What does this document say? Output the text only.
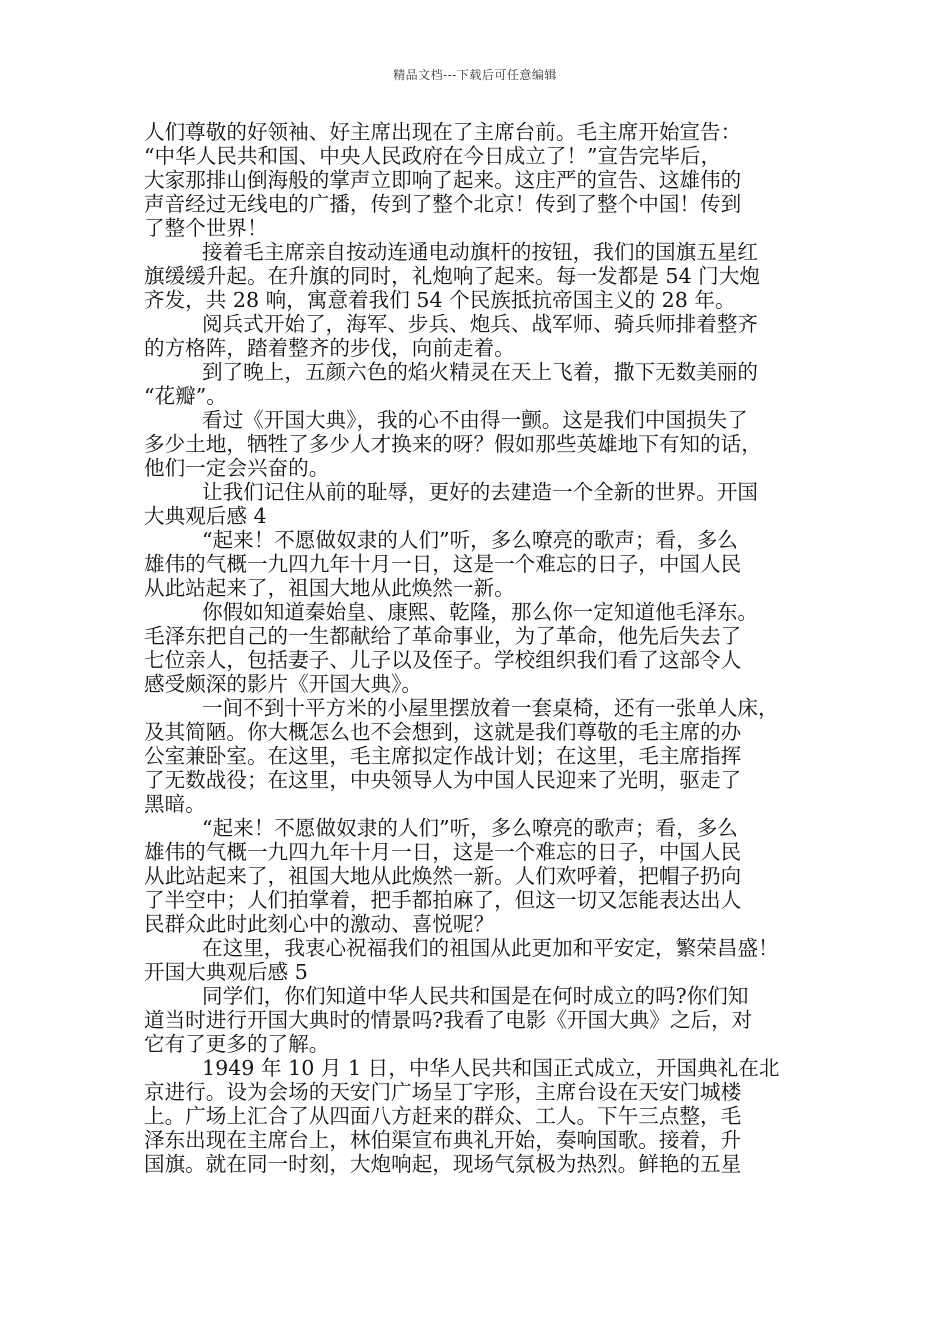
精品文档---下载后可任意编辑
人们尊敬的好领袖、好主席出现在了主席台前。毛主席开始宣告：
“中华人民共和国、中央人民政府在今日成立了！”宣告完毕后，
大家那排山倒海般的掌声立即响了起来。这庄严的宣告、这雄伟的
声音经过无线电的广播，传到了整个北京！传到了整个中国！传到
了整个世界！
接着毛主席亲自按动连通电动旗杆的按钮，我们的国旗五星红
旗缓缓升起。在升旗的同时，礼炮响了起来。每一发都是 54 门大炮
齐发，共 28 响，寓意着我们 54 个民族抵抗帝国主义的 28 年。
阅兵式开始了，海军、步兵、炮兵、战军师、骑兵师排着整齐
的方格阵，踏着整齐的步伐，向前走着。
到了晚上，五颜六色的焰火精灵在天上飞着，撒下无数美丽的
“花瓣”。
看过《开国大典》，我的心不由得一颤。这是我们中国损失了
多少土地，牺牲了多少人才换来的呀？假如那些英雄地下有知的话，
他们一定会兴奋的。
让我们记住从前的耻辱，更好的去建造一个全新的世界。开国
大典观后感 4
“起来！不愿做奴隶的人们”听，多么嘹亮的歌声；看，多么
雄伟的气概一九四九年十月一日，这是一个难忘的日子，中国人民
从此站起来了，祖国大地从此焕然一新。
你假如知道秦始皇、康熙、乾隆，那么你一定知道他毛泽东。
毛泽东把自己的一生都献给了革命事业，为了革命，他先后失去了
七位亲人，包括妻子、儿子以及侄子。学校组织我们看了这部令人
感受颇深的影片《开国大典》。
一间不到十平方米的小屋里摆放着一套桌椅，还有一张单人床，
及其简陋。你大概怎么也不会想到，这就是我们尊敬的毛主席的办
公室兼卧室。在这里，毛主席拟定作战计划；在这里，毛主席指挥
了无数战役；在这里，中央领导人为中国人民迎来了光明，驱走了
黑暗。
“起来！不愿做奴隶的人们”听，多么嘹亮的歌声；看，多么
雄伟的气概一九四九年十月一日，这是一个难忘的日子，中国人民
从此站起来了，祖国大地从此焕然一新。人们欢呼着，把帽子扔向
了半空中；人们拍掌着，把手都拍麻了，但这一切又怎能表达出人
民群众此时此刻心中的激动、喜悦呢？
在这里，我衷心祝福我们的祖国从此更加和平安定，繁荣昌盛！
开国大典观后感 5
同学们，你们知道中华人民共和国是在何时成立的吗?你们知
道当时进行开国大典时的情景吗?我看了电影《开国大典》之后，对
它有了更多的了解。
1949 年 10 月 1 日，中华人民共和国正式成立，开国典礼在北
京进行。设为会场的天安门广场呈丁字形，主席台设在天安门城楼
上。广场上汇合了从四面八方赶来的群众、工人。下午三点整，毛
泽东出现在主席台上，林伯渠宣布典礼开始，奏响国歌。接着，升
国旗。就在同一时刻，大炮响起，现场气氛极为热烈。鲜艳的五星
